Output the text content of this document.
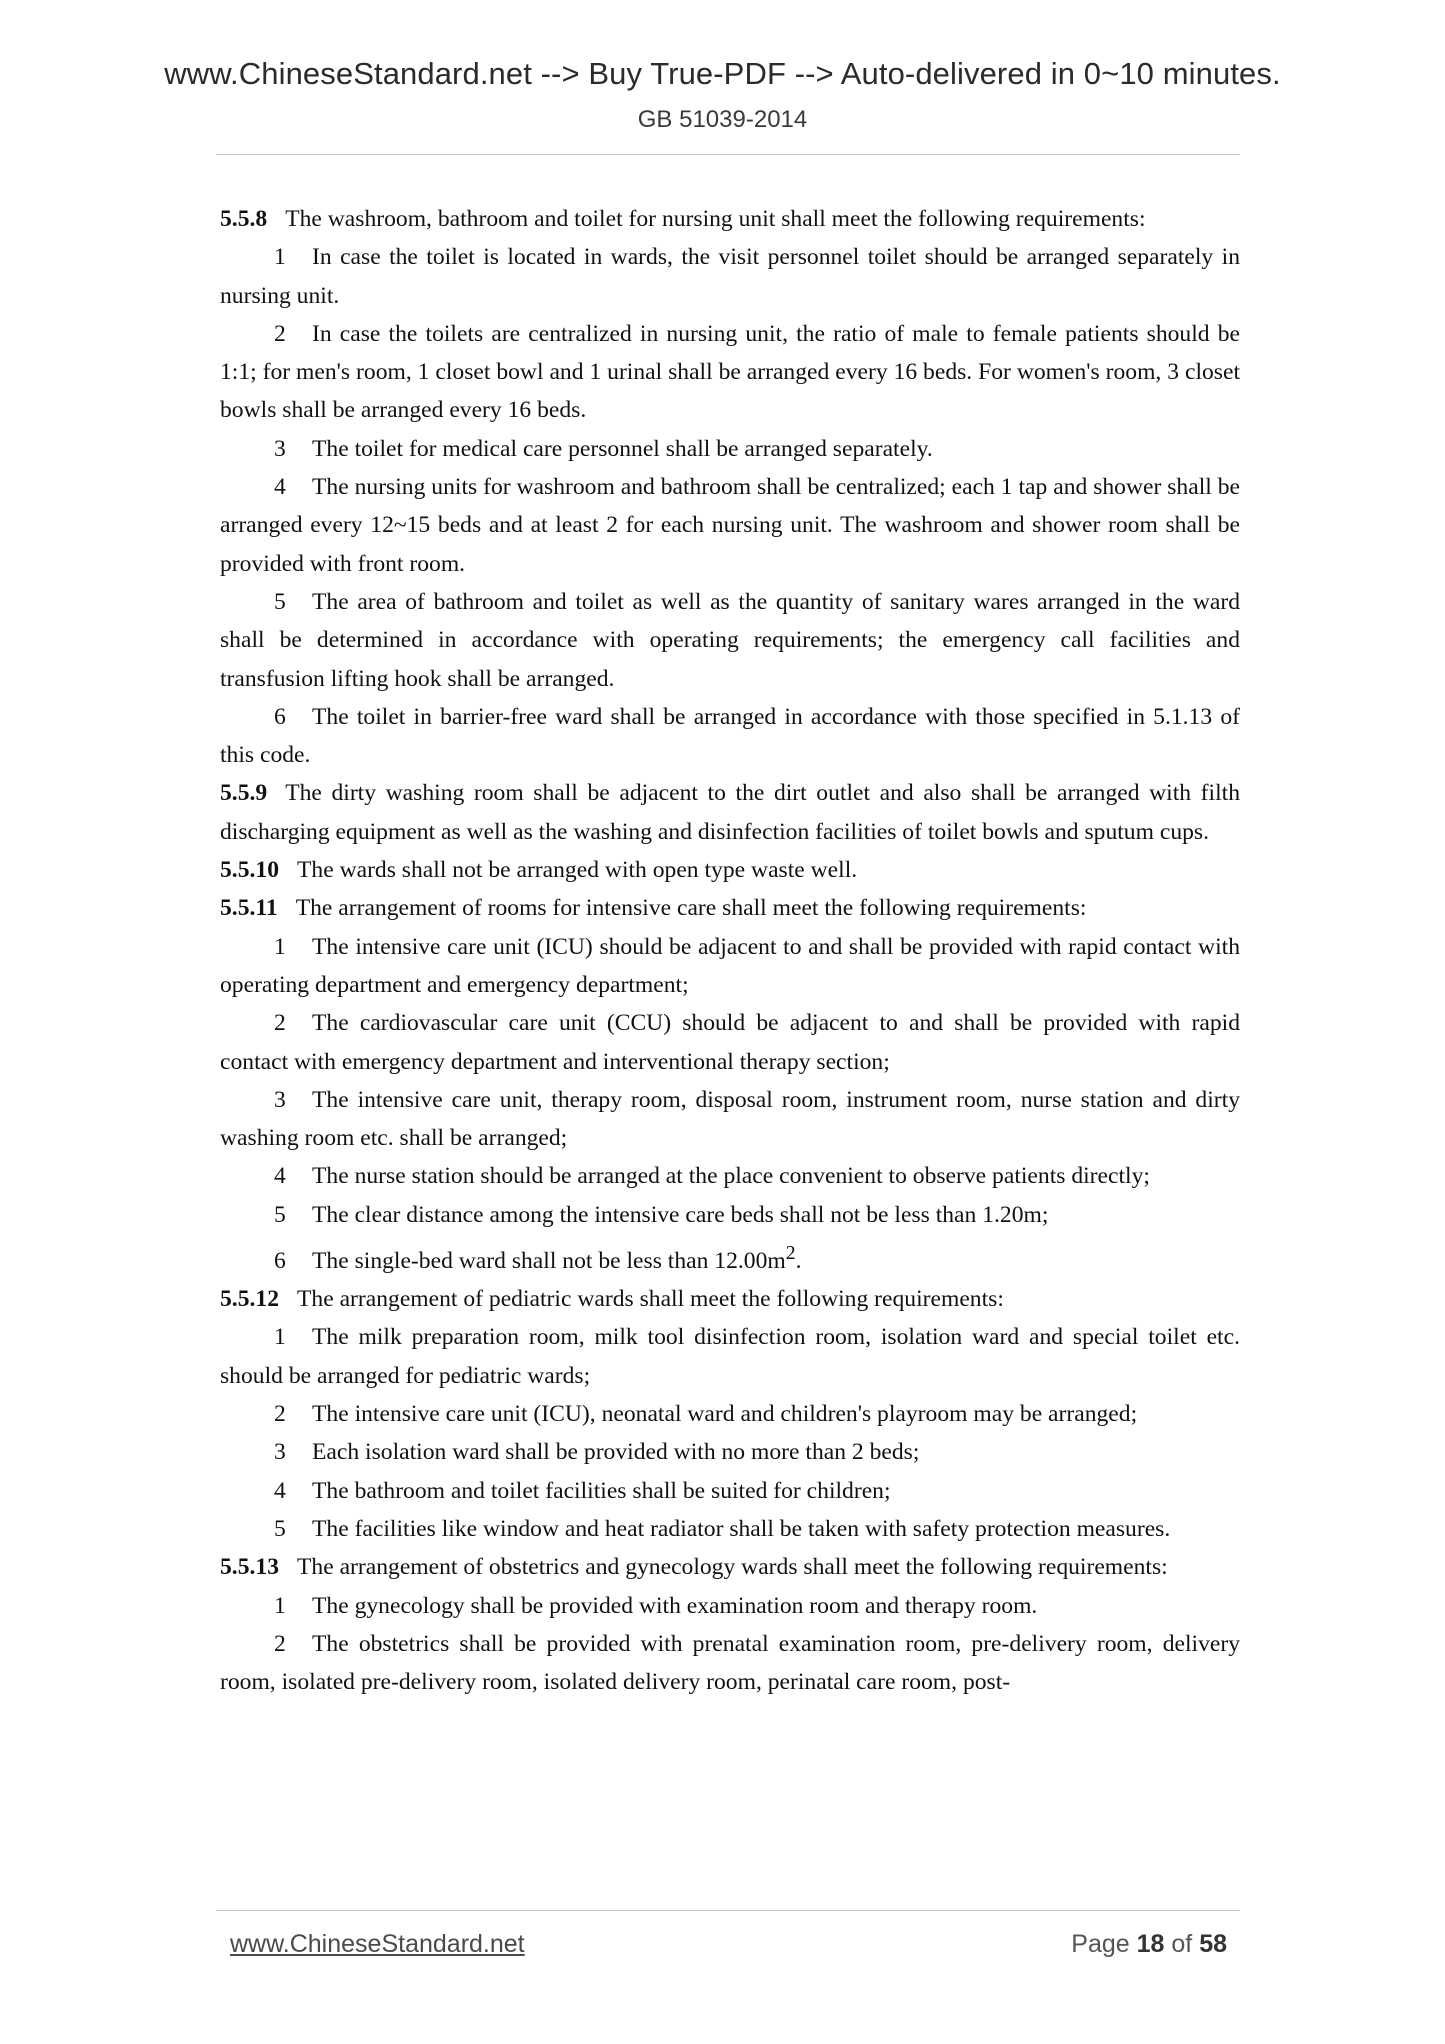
www.ChineseStandard.net --> Buy True-PDF --> Auto-delivered in 0~10 minutes.
GB 51039-2014

5.5.8 The washroom, bathroom and toilet for nursing unit shall meet the following requirements:

1 In case the toilet is located in wards, the visit personnel toilet should be arranged separately in nursing unit.

2 In case the toilets are centralized in nursing unit, the ratio of male to female patients should be 1:1; for men's room, 1 closet bowl and 1 urinal shall be arranged every 16 beds. For women's room, 3 closet bowls shall be arranged every 16 beds.

3 The toilet for medical care personnel shall be arranged separately.

4 The nursing units for washroom and bathroom shall be centralized; each 1 tap and shower shall be arranged every 12~15 beds and at least 2 for each nursing unit. The washroom and shower room shall be provided with front room.

5 The area of bathroom and toilet as well as the quantity of sanitary wares arranged in the ward shall be determined in accordance with operating requirements; the emergency call facilities and transfusion lifting hook shall be arranged.

6 The toilet in barrier-free ward shall be arranged in accordance with those specified in 5.1.13 of this code.

5.5.9 The dirty washing room shall be adjacent to the dirt outlet and also shall be arranged with filth discharging equipment as well as the washing and disinfection facilities of toilet bowls and sputum cups.

5.5.10 The wards shall not be arranged with open type waste well.

5.5.11 The arrangement of rooms for intensive care shall meet the following requirements:

1 The intensive care unit (ICU) should be adjacent to and shall be provided with rapid contact with operating department and emergency department;

2 The cardiovascular care unit (CCU) should be adjacent to and shall be provided with rapid contact with emergency department and interventional therapy section;

3 The intensive care unit, therapy room, disposal room, instrument room, nurse station and dirty washing room etc. shall be arranged;

4 The nurse station should be arranged at the place convenient to observe patients directly;

5 The clear distance among the intensive care beds shall not be less than 1.20m;

6 The single-bed ward shall not be less than $12.00m^2$.

5.5.12 The arrangement of pediatric wards shall meet the following requirements:

1 The milk preparation room, milk tool disinfection room, isolation ward and special toilet etc. should be arranged for pediatric wards;

2 The intensive care unit (ICU), neonatal ward and children's playroom may be arranged;

3 Each isolation ward shall be provided with no more than 2 beds;

4 The bathroom and toilet facilities shall be suited for children;

5 The facilities like window and heat radiator shall be taken with safety protection measures.

5.5.13 The arrangement of obstetrics and gynecology wards shall meet the following requirements:

1 The gynecology shall be provided with examination room and therapy room.

2 The obstetrics shall be provided with prenatal examination room, pre-delivery room, delivery room, isolated pre-delivery room, isolated delivery room, perinatal care room, post-

www.ChineseStandard.net	Page 18 of 58
